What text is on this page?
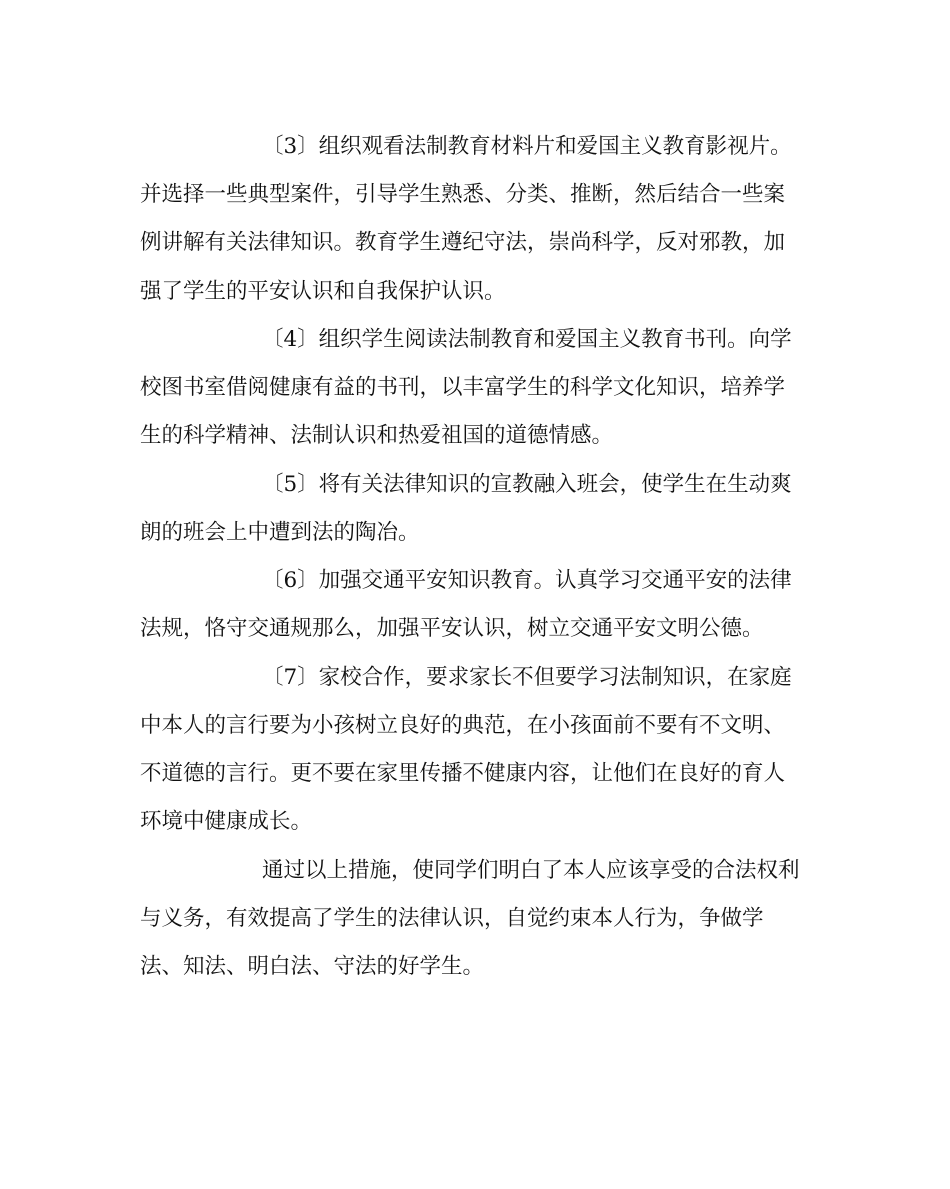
〔3〕组织观看法制教育材料片和爱国主义教育影视片。
并选择一些典型案件，引导学生熟悉、分类、推断，然后结合一些案
例讲解有关法律知识。教育学生遵纪守法，崇尚科学，反对邪教，加
强了学生的平安认识和自我保护认识。
〔4〕组织学生阅读法制教育和爱国主义教育书刊。向学
校图书室借阅健康有益的书刊，以丰富学生的科学文化知识，培养学
生的科学精神、法制认识和热爱祖国的道德情感。
〔5〕将有关法律知识的宣教融入班会，使学生在生动爽
朗的班会上中遭到法的陶冶。
〔6〕加强交通平安知识教育。认真学习交通平安的法律
法规，恪守交通规那么，加强平安认识，树立交通平安文明公德。
〔7〕家校合作，要求家长不但要学习法制知识，在家庭
中本人的言行要为小孩树立良好的典范，在小孩面前不要有不文明、
不道德的言行。更不要在家里传播不健康内容，让他们在良好的育人
环境中健康成长。
通过以上措施，使同学们明白了本人应该享受的合法权利
与义务，有效提高了学生的法律认识，自觉约束本人行为，争做学
法、知法、明白法、守法的好学生。
